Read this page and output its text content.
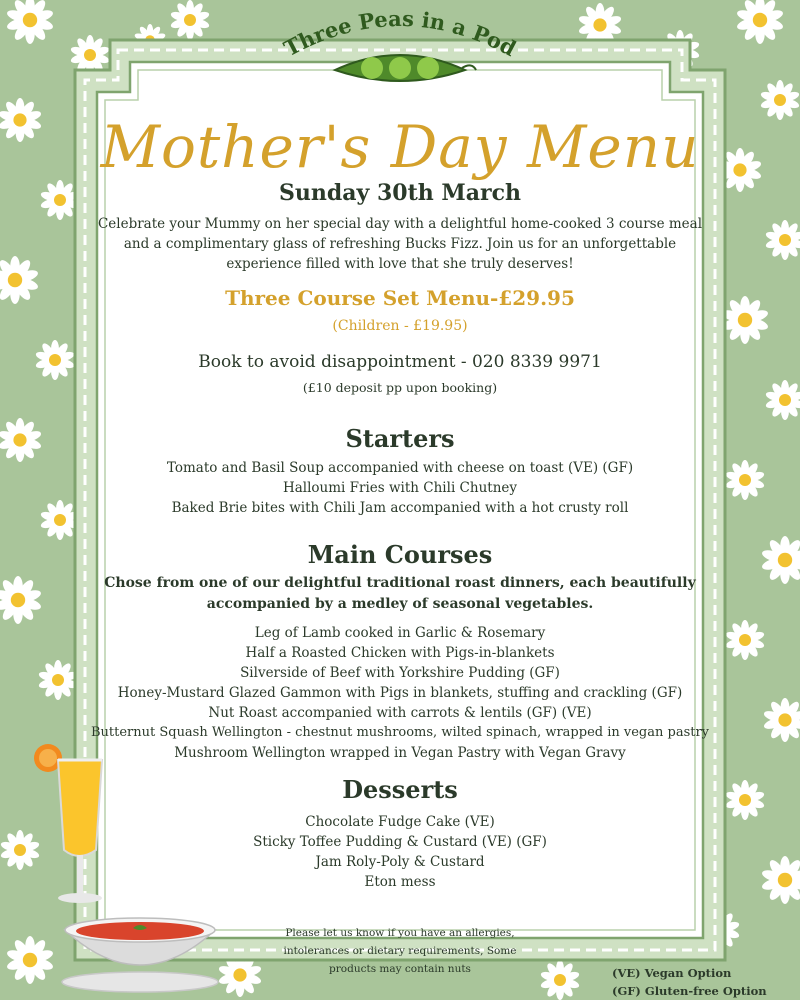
Three Peas in a Pod
Mother's Day Menu
Sunday 30th March
Celebrate your Mummy on her special day with a delightful home-cooked 3 course meal
and a complimentary glass of refreshing Bucks Fizz. Join us for an unforgettable
experience filled with love that she truly deserves!
Three Course Set Menu-£29.95
(Children - £19.95)
Book to avoid disappointment - 020 8339 9971
(£10 deposit pp upon booking)
Starters
Tomato and Basil Soup accompanied with cheese on toast (VE) (GF)
Halloumi Fries with Chili Chutney
Baked Brie bites with Chili Jam accompanied with a hot crusty roll
Main Courses
Chose from one of our delightful traditional roast dinners, each beautifully
accompanied by a medley of seasonal vegetables.
Leg of Lamb cooked in Garlic & Rosemary
Half a Roasted Chicken with Pigs-in-blankets
Silverside of Beef with Yorkshire Pudding (GF)
Honey-Mustard Glazed Gammon with Pigs in blankets, stuffing and crackling (GF)
Nut Roast accompanied with carrots & lentils (GF) (VE)
Butternut Squash Wellington - chestnut mushrooms, wilted spinach, wrapped in vegan pastry
Mushroom Wellington wrapped in Vegan Pastry with Vegan Gravy
Desserts
Chocolate Fudge Cake (VE)
Sticky Toffee Pudding & Custard (VE) (GF)
Jam Roly-Poly & Custard
Eton mess
Please let us know if you have an allergies,
intolerances or dietary requirements, Some
products may contain nuts	(VE) Vegan Option
(GF) Gluten-free Option
